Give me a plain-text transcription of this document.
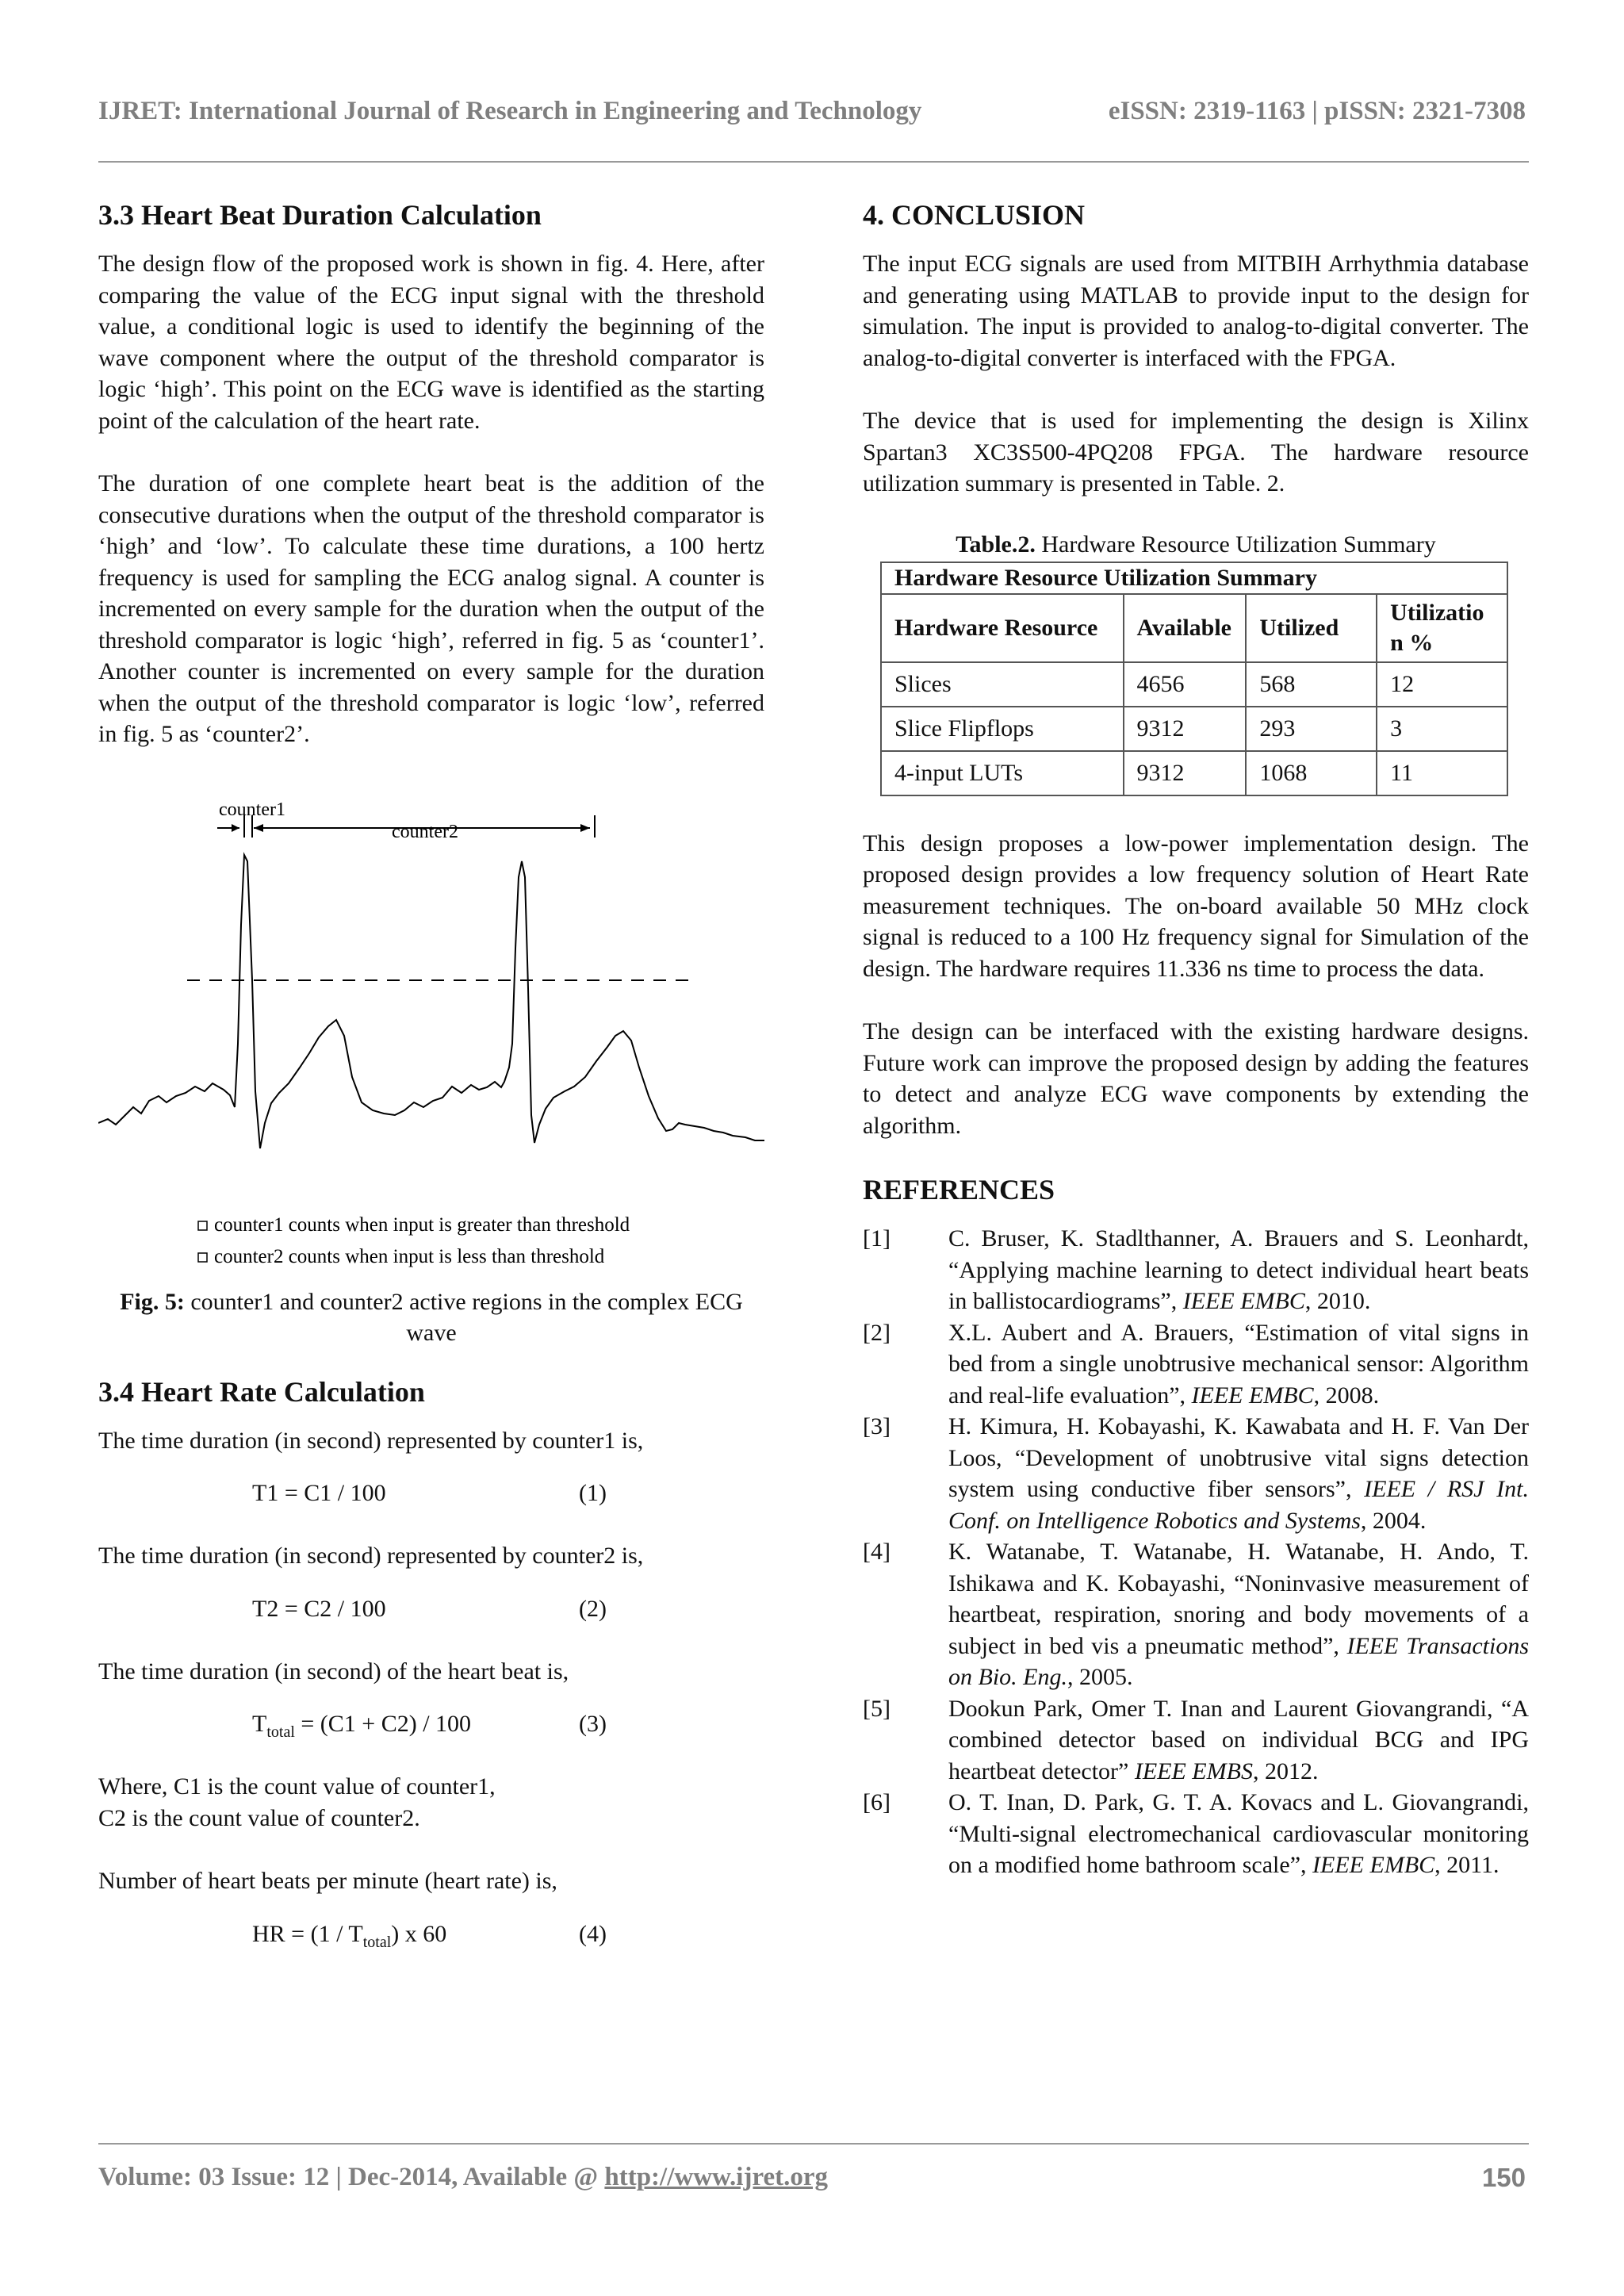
IJRET: International Journal of Research in Engineering and Technology	eISSN: 2319-1163 | pISSN: 2321-7308
3.3 Heart Beat Duration Calculation
The design flow of the proposed work is shown in fig. 4. Here, after comparing the value of the ECG input signal with the threshold value, a conditional logic is used to identify the beginning of the wave component where the output of the threshold comparator is logic ‘high’. This point on the ECG wave is identified as the starting point of the calculation of the heart rate.
The duration of one complete heart beat is the addition of the consecutive durations when the output of the threshold comparator is ‘high’ and ‘low’. To calculate these time durations, a 100 hertz frequency is used for sampling the ECG analog signal. A counter is incremented on every sample for the duration when the output of the threshold comparator is logic ‘high’, referred in fig. 5 as ‘counter1’. Another counter is incremented on every sample for the duration when the output of the threshold comparator is logic ‘low’, referred in fig. 5 as ‘counter2’.
counter1
counter2
counter1 counts when input is greater than threshold
counter2 counts when input is less than threshold
Fig. 5: counter1 and counter2 active regions in the complex ECG wave
3.4 Heart Rate Calculation
The time duration (in second) represented by counter1 is,
T1 = C1 / 100	(1)
The time duration (in second) represented by counter2 is,
T2 = C2 / 100	(2)
The time duration (in second) of the heart beat is,
$T_{total} = (C1 + C2) / 100$	(3)
Where, C1 is the count value of counter1,
C2 is the count value of counter2.
Number of heart beats per minute (heart rate) is,
HR = $(1 / T_{total})$ x 60	(4)
4. CONCLUSION
The input ECG signals are used from MITBIH Arrhythmia database and generating using MATLAB to provide input to the design for simulation. The input is provided to analog-to-digital converter. The analog-to-digital converter is interfaced with the FPGA.
The device that is used for implementing the design is Xilinx Spartan3 XC3S500-4PQ208 FPGA. The hardware resource utilization summary is presented in Table. 2.
Table.2. Hardware Resource Utilization Summary
Hardware Resource Utilization Summary			
Hardware Resource	Available	Utilized	Utilization %
Slices	4656	568	12
Slice Flipflops	9312	293	3
4-input LUTs	9312	1068	11
This design proposes a low-power implementation design. The proposed design provides a low frequency solution of Heart Rate measurement techniques. The on-board available 50 MHz clock signal is reduced to a 100 Hz frequency signal for Simulation of the design. The hardware requires 11.336 ns time to process the data.
The design can be interfaced with the existing hardware designs. Future work can improve the proposed design by adding the features to detect and analyze ECG wave components by extending the algorithm.
REFERENCES
[1] C. Bruser, K. Stadlthanner, A. Brauers and S. Leonhardt, “Applying machine learning to detect individual heart beats in ballistocardiograms”, IEEE EMBC, 2010.
[2] X.L. Aubert and A. Brauers, “Estimation of vital signs in bed from a single unobtrusive mechanical sensor: Algorithm and real-life evaluation”, IEEE EMBC, 2008.
[3] H. Kimura, H. Kobayashi, K. Kawabata and H. F. Van Der Loos, “Development of unobtrusive vital signs detection system using conductive fiber sensors”, IEEE / RSJ Int. Conf. on Intelligence Robotics and Systems, 2004.
[4] K. Watanabe, T. Watanabe, H. Watanabe, H. Ando, T. Ishikawa and K. Kobayashi, “Noninvasive measurement of heartbeat, respiration, snoring and body movements of a subject in bed vis a pneumatic method”, IEEE Transactions on Bio. Eng., 2005.
[5] Dookun Park, Omer T. Inan and Laurent Giovangrandi, “A combined detector based on individual BCG and IPG heartbeat detector” IEEE EMBS, 2012.
[6] O. T. Inan, D. Park, G. T. A. Kovacs and L. Giovangrandi, “Multi-signal electromechanical cardiovascular monitoring on a modified home bathroom scale”, IEEE EMBC, 2011.
Volume: 03 Issue: 12 | Dec-2014, Available @ http://www.ijret.org	150
